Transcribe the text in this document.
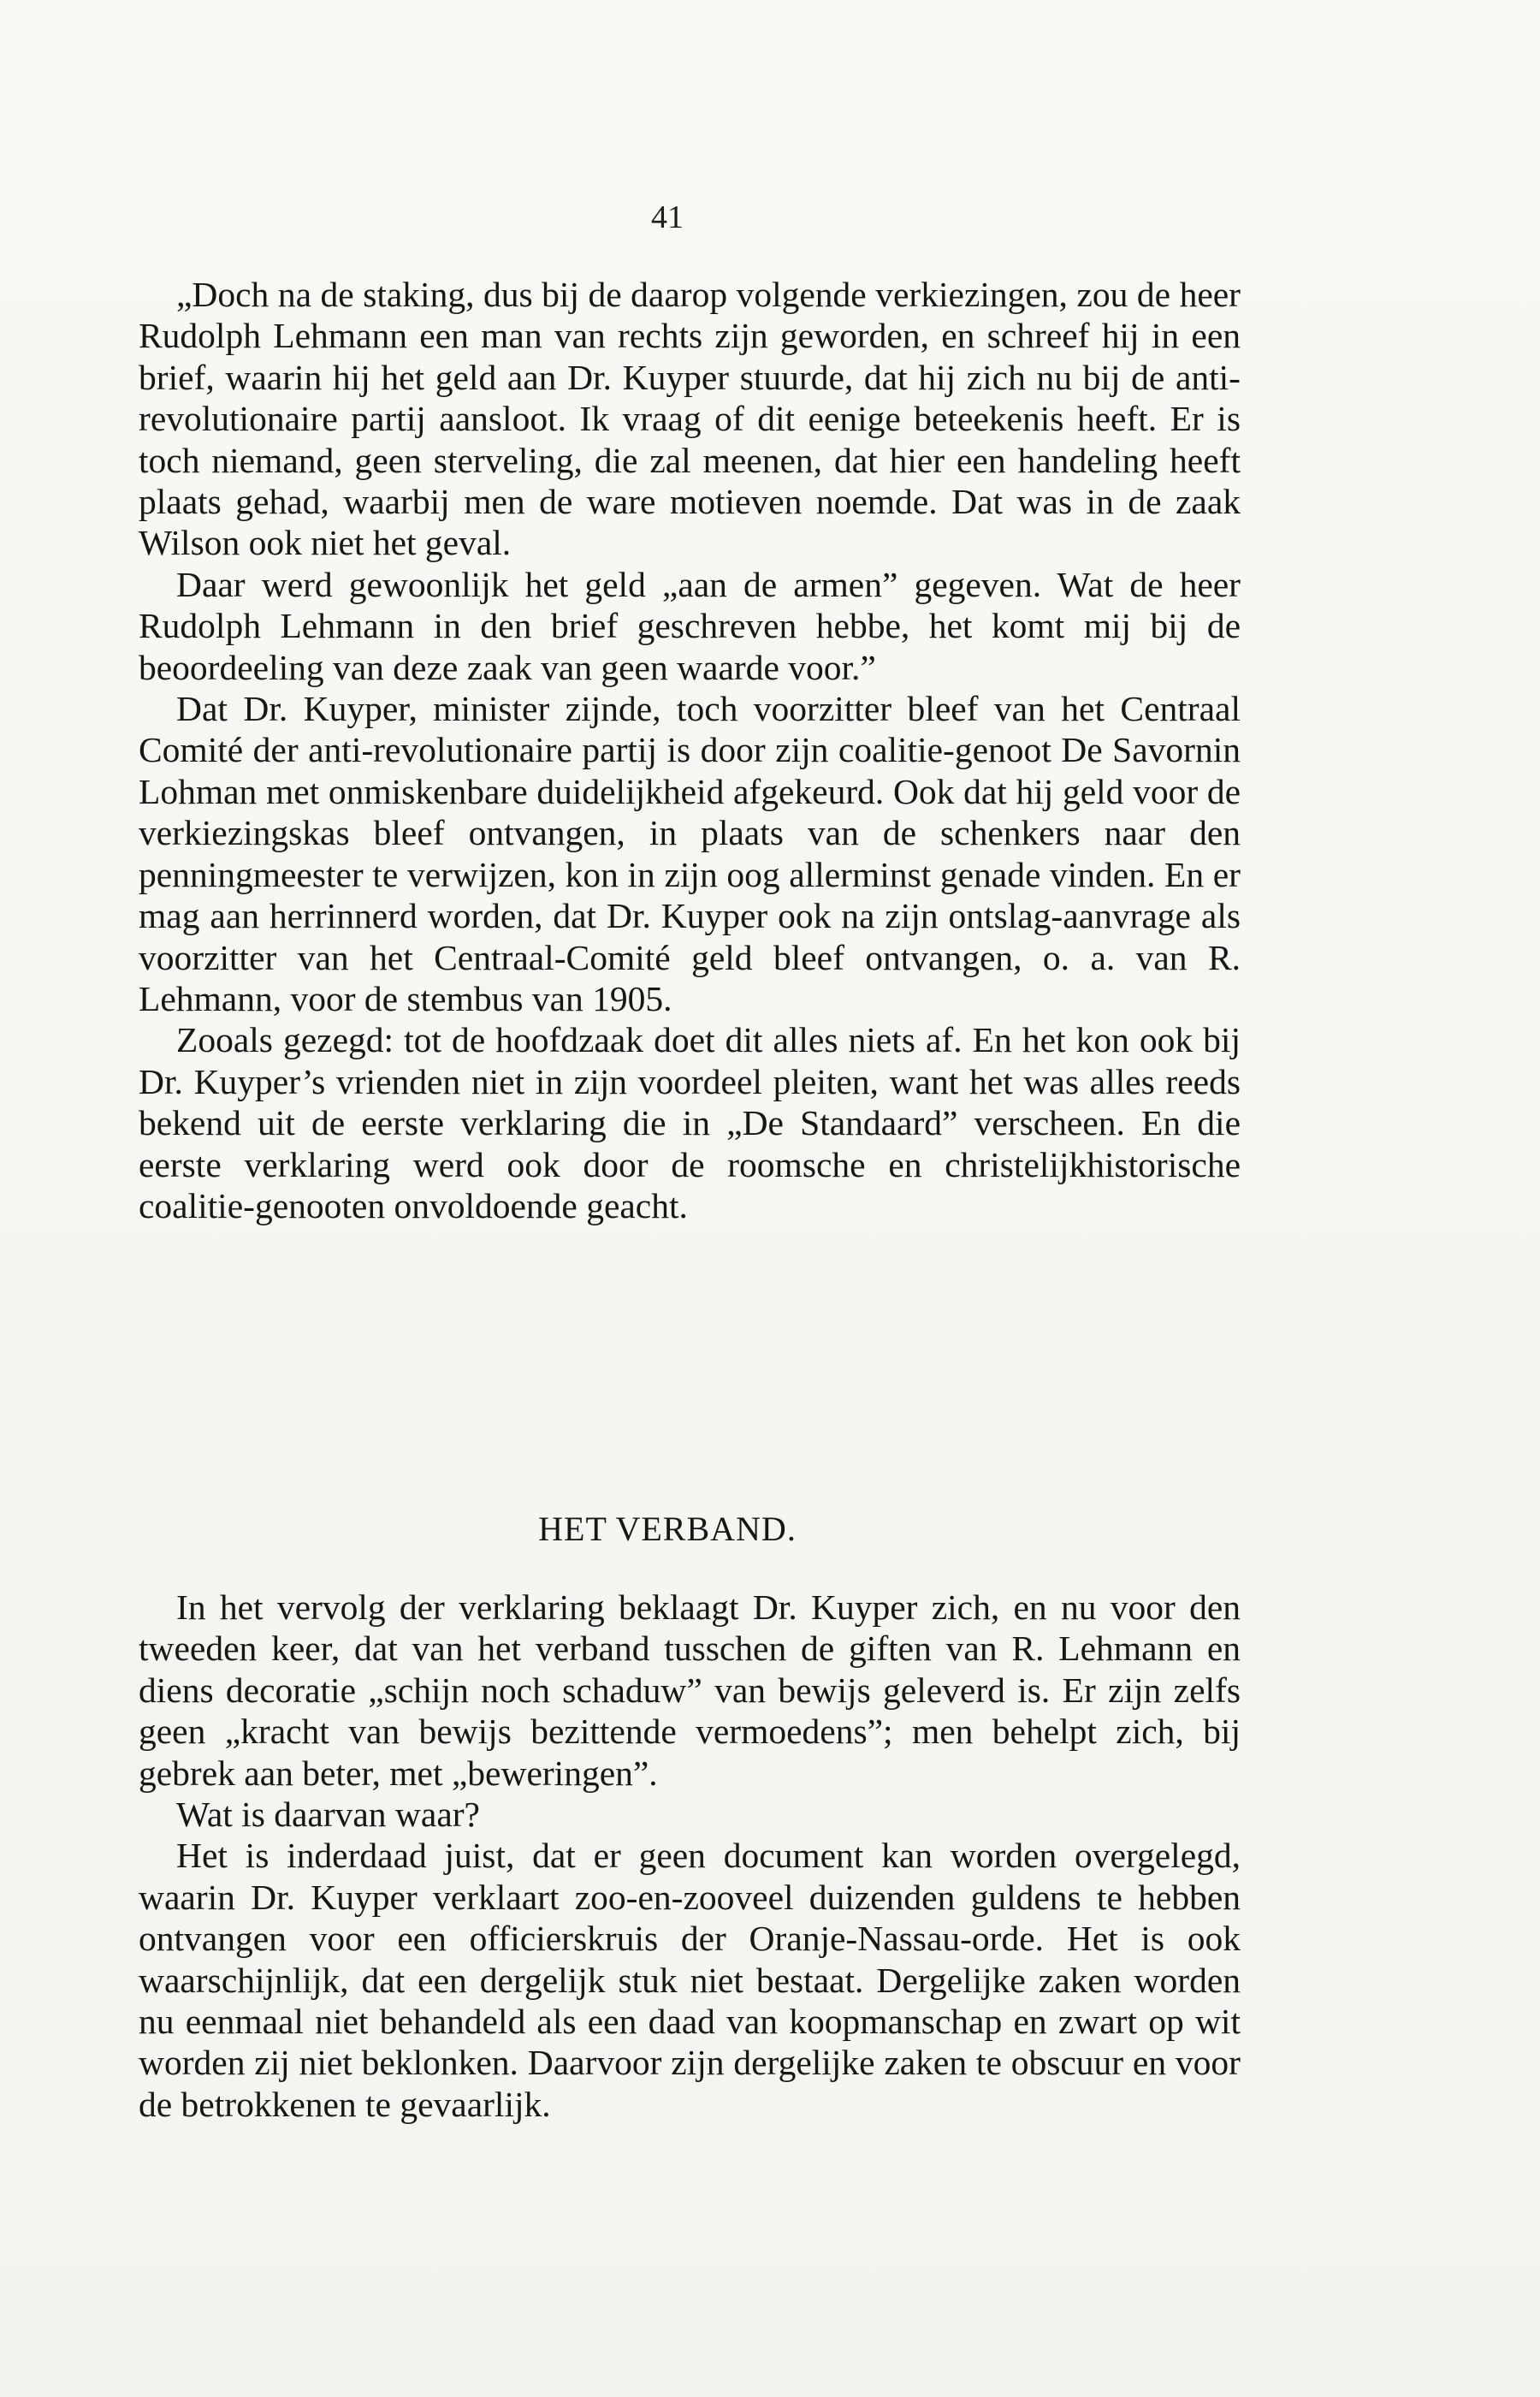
41

„Doch na de staking, dus bij de daarop volgende verkiezingen, zou de heer Rudolph Lehmann een man van rechts zijn geworden, en schreef hij in een brief, waarin hij het geld aan Dr. Kuyper stuurde, dat hij zich nu bij de antirevolutionaire partij aansloot. Ik vraag of dit eenige beteekenis heeft. Er is toch niemand, geen sterveling, die zal meenen, dat hier een handeling heeft plaats gehad, waarbij men de ware motieven noemde. Dat was in de zaak Wilson ook niet het geval.

Daar werd gewoonlijk het geld „aan de armen” gegeven. Wat de heer Rudolph Lehmann in den brief geschreven hebbe, het komt mij bij de beoordeeling van deze zaak van geen waarde voor.”

Dat Dr. Kuyper, minister zijnde, toch voorzitter bleef van het Centraal Comité der anti-revolutionaire partij is door zijn coalitie-genoot De Savornin Lohman met onmiskenbare duidelijkheid afgekeurd. Ook dat hij geld voor de verkiezingskas bleef ontvangen, in plaats van de schenkers naar den penningmeester te verwijzen, kon in zijn oog allerminst genade vinden. En er mag aan herrinnerd worden, dat Dr. Kuyper ook na zijn ontslag-aanvrage als voorzitter van het Centraal-Comité geld bleef ontvangen, o. a. van R. Lehmann, voor de stembus van 1905.

Zooals gezegd: tot de hoofdzaak doet dit alles niets af. En het kon ook bij Dr. Kuyper’s vrienden niet in zijn voordeel pleiten, want het was alles reeds bekend uit de eerste verklaring die in „De Standaard” verscheen. En die eerste verklaring werd ook door de roomsche en christelijkhistorische coalitie-genooten onvoldoende geacht.

HET VERBAND.

In het vervolg der verklaring beklaagt Dr. Kuyper zich, en nu voor den tweeden keer, dat van het verband tusschen de giften van R. Lehmann en diens decoratie „schijn noch schaduw” van bewijs geleverd is. Er zijn zelfs geen „kracht van bewijs bezittende vermoedens”; men behelpt zich, bij gebrek aan beter, met „beweringen”.

Wat is daarvan waar?

Het is inderdaad juist, dat er geen document kan worden overgelegd, waarin Dr. Kuyper verklaart zoo-en-zooveel duizenden guldens te hebben ontvangen voor een officierskruis der Oranje-Nassau-orde. Het is ook waarschijnlijk, dat een dergelijk stuk niet bestaat. Dergelijke zaken worden nu eenmaal niet behandeld als een daad van koopmanschap en zwart op wit worden zij niet beklonken. Daarvoor zijn dergelijke zaken te obscuur en voor de betrokkenen te gevaarlijk.
